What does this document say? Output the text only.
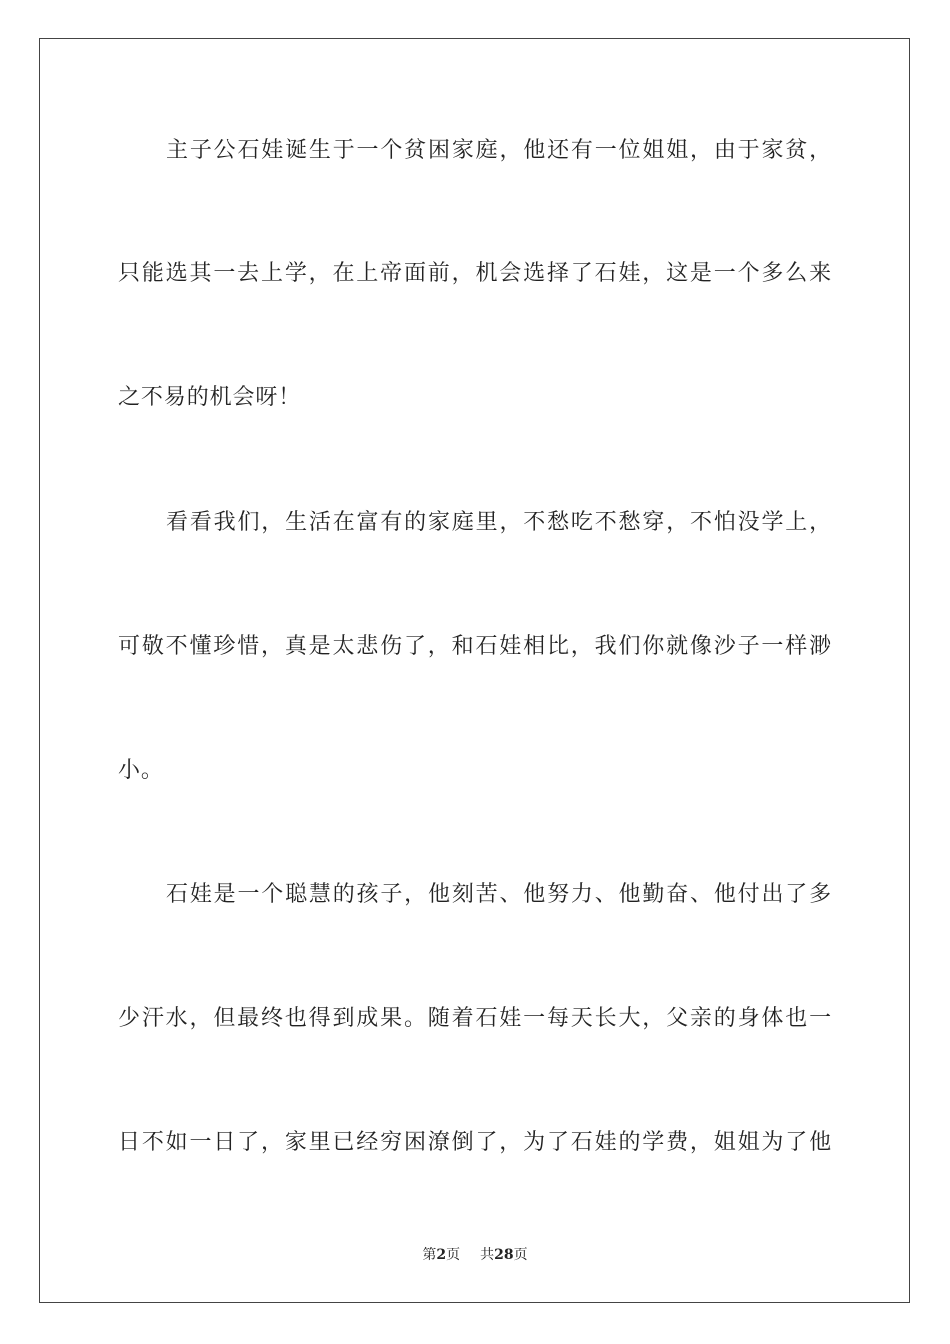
主子公石娃诞生于一个贫困家庭，他还有一位姐姐，由于家贫，
只能选其一去上学，在上帝面前，机会选择了石娃，这是一个多么来
之不易的机会呀！
看看我们，生活在富有的家庭里，不愁吃不愁穿，不怕没学上，
可敬不懂珍惜，真是太悲伤了，和石娃相比，我们你就像沙子一样渺
小。
石娃是一个聪慧的孩子，他刻苦、他努力、他勤奋、他付出了多
少汗水，但最终也得到成果。随着石娃一每天长大，父亲的身体也一
日不如一日了，家里已经穷困潦倒了，为了石娃的学费，姐姐为了他
第2页 共28页
